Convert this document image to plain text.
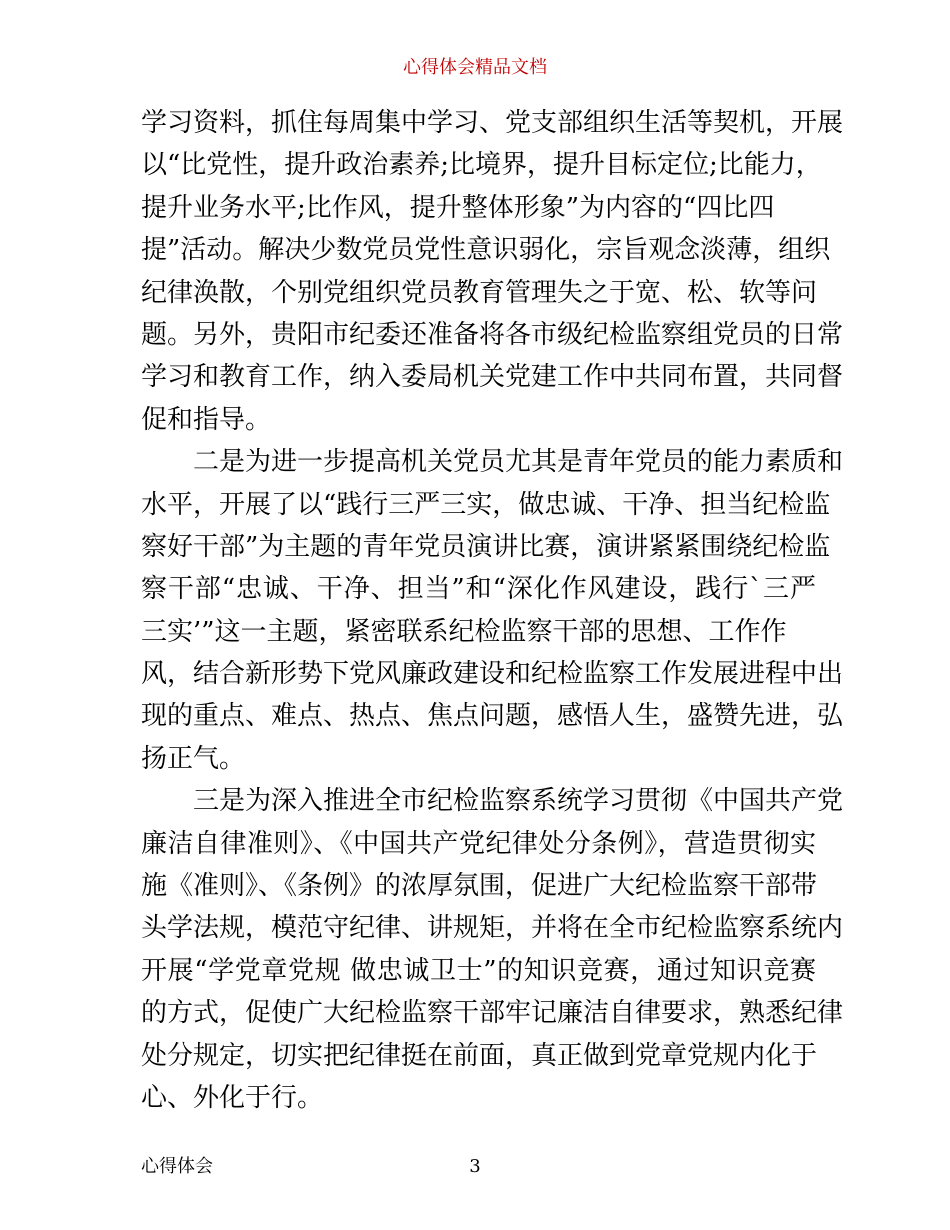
心得体会精品文档
学习资料，抓住每周集中学习、党支部组织生活等契机，开展
以“比党性，提升政治素养;比境界，提升目标定位;比能力，
提升业务水平;比作风，提升整体形象”为内容的“四比四
提”活动。解决少数党员党性意识弱化，宗旨观念淡薄，组织
纪律涣散，个别党组织党员教育管理失之于宽、松、软等问
题。另外，贵阳市纪委还准备将各市级纪检监察组党员的日常
学习和教育工作，纳入委局机关党建工作中共同布置，共同督
促和指导。
二是为进一步提高机关党员尤其是青年党员的能力素质和
水平，开展了以“践行三严三实，做忠诚、干净、担当纪检监
察好干部”为主题的青年党员演讲比赛，演讲紧紧围绕纪检监
察干部“忠诚、干净、担当”和“深化作风建设，践行`三严
三实’”这一主题，紧密联系纪检监察干部的思想、工作作
风，结合新形势下党风廉政建设和纪检监察工作发展进程中出
现的重点、难点、热点、焦点问题，感悟人生，盛赞先进，弘
扬正气。
三是为深入推进全市纪检监察系统学习贯彻《中国共产党
廉洁自律准则》、《中国共产党纪律处分条例》，营造贯彻实
施《准则》、《条例》的浓厚氛围，促进广大纪检监察干部带
头学法规，模范守纪律、讲规矩，并将在全市纪检监察系统内
开展“学党章党规 做忠诚卫士”的知识竞赛，通过知识竞赛
的方式，促使广大纪检监察干部牢记廉洁自律要求，熟悉纪律
处分规定，切实把纪律挺在前面，真正做到党章党规内化于
心、外化于行。
心得体会	3
